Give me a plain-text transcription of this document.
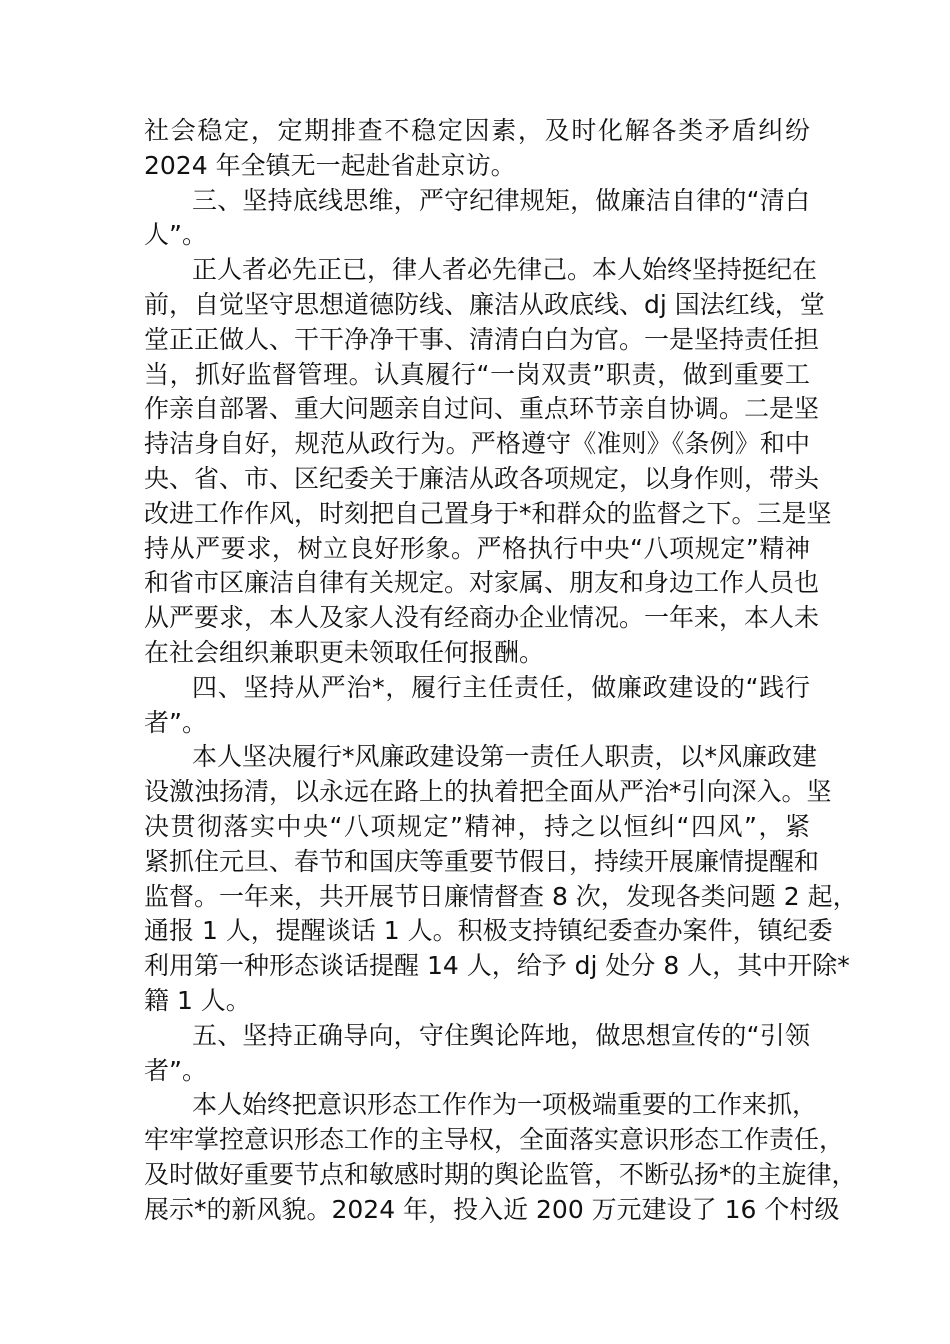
社会稳定，定期排查不稳定因素，及时化解各类矛盾纠纷
2024 年全镇无一起赴省赴京访。
三、坚持底线思维，严守纪律规矩，做廉洁自律的“清白
人”。
正人者必先正已，律人者必先律己。本人始终坚持挺纪在
前，自觉坚守思想道德防线、廉洁从政底线、dj 国法红线，堂
堂正正做人、干干净净干事、清清白白为官。一是坚持责任担
当，抓好监督管理。认真履行“一岗双责”职责，做到重要工
作亲自部署、重大问题亲自过问、重点环节亲自协调。二是坚
持洁身自好，规范从政行为。严格遵守《准则》《条例》和中
央、省、市、区纪委关于廉洁从政各项规定，以身作则，带头
改进工作作风，时刻把自己置身于*和群众的监督之下。三是坚
持从严要求，树立良好形象。严格执行中央“八项规定”精神
和省市区廉洁自律有关规定。对家属、朋友和身边工作人员也
从严要求，本人及家人没有经商办企业情况。一年来，本人未
在社会组织兼职更未领取任何报酬。
四、坚持从严治*，履行主任责任，做廉政建设的“践行
者”。
本人坚决履行*风廉政建设第一责任人职责，以*风廉政建
设激浊扬清，以永远在路上的执着把全面从严治*引向深入。坚
决贯彻落实中央“八项规定”精神，持之以恒纠“四风”，紧
紧抓住元旦、春节和国庆等重要节假日，持续开展廉情提醒和
监督。一年来，共开展节日廉情督查 8 次，发现各类问题 2 起，
通报 1 人，提醒谈话 1 人。积极支持镇纪委查办案件，镇纪委
利用第一种形态谈话提醒 14 人，给予 dj 处分 8 人，其中开除*
籍 1 人。
五、坚持正确导向，守住舆论阵地，做思想宣传的“引领
者”。
本人始终把意识形态工作作为一项极端重要的工作来抓，
牢牢掌控意识形态工作的主导权，全面落实意识形态工作责任，
及时做好重要节点和敏感时期的舆论监管，不断弘扬*的主旋律，
展示*的新风貌。2024 年，投入近 200 万元建设了 16 个村级
